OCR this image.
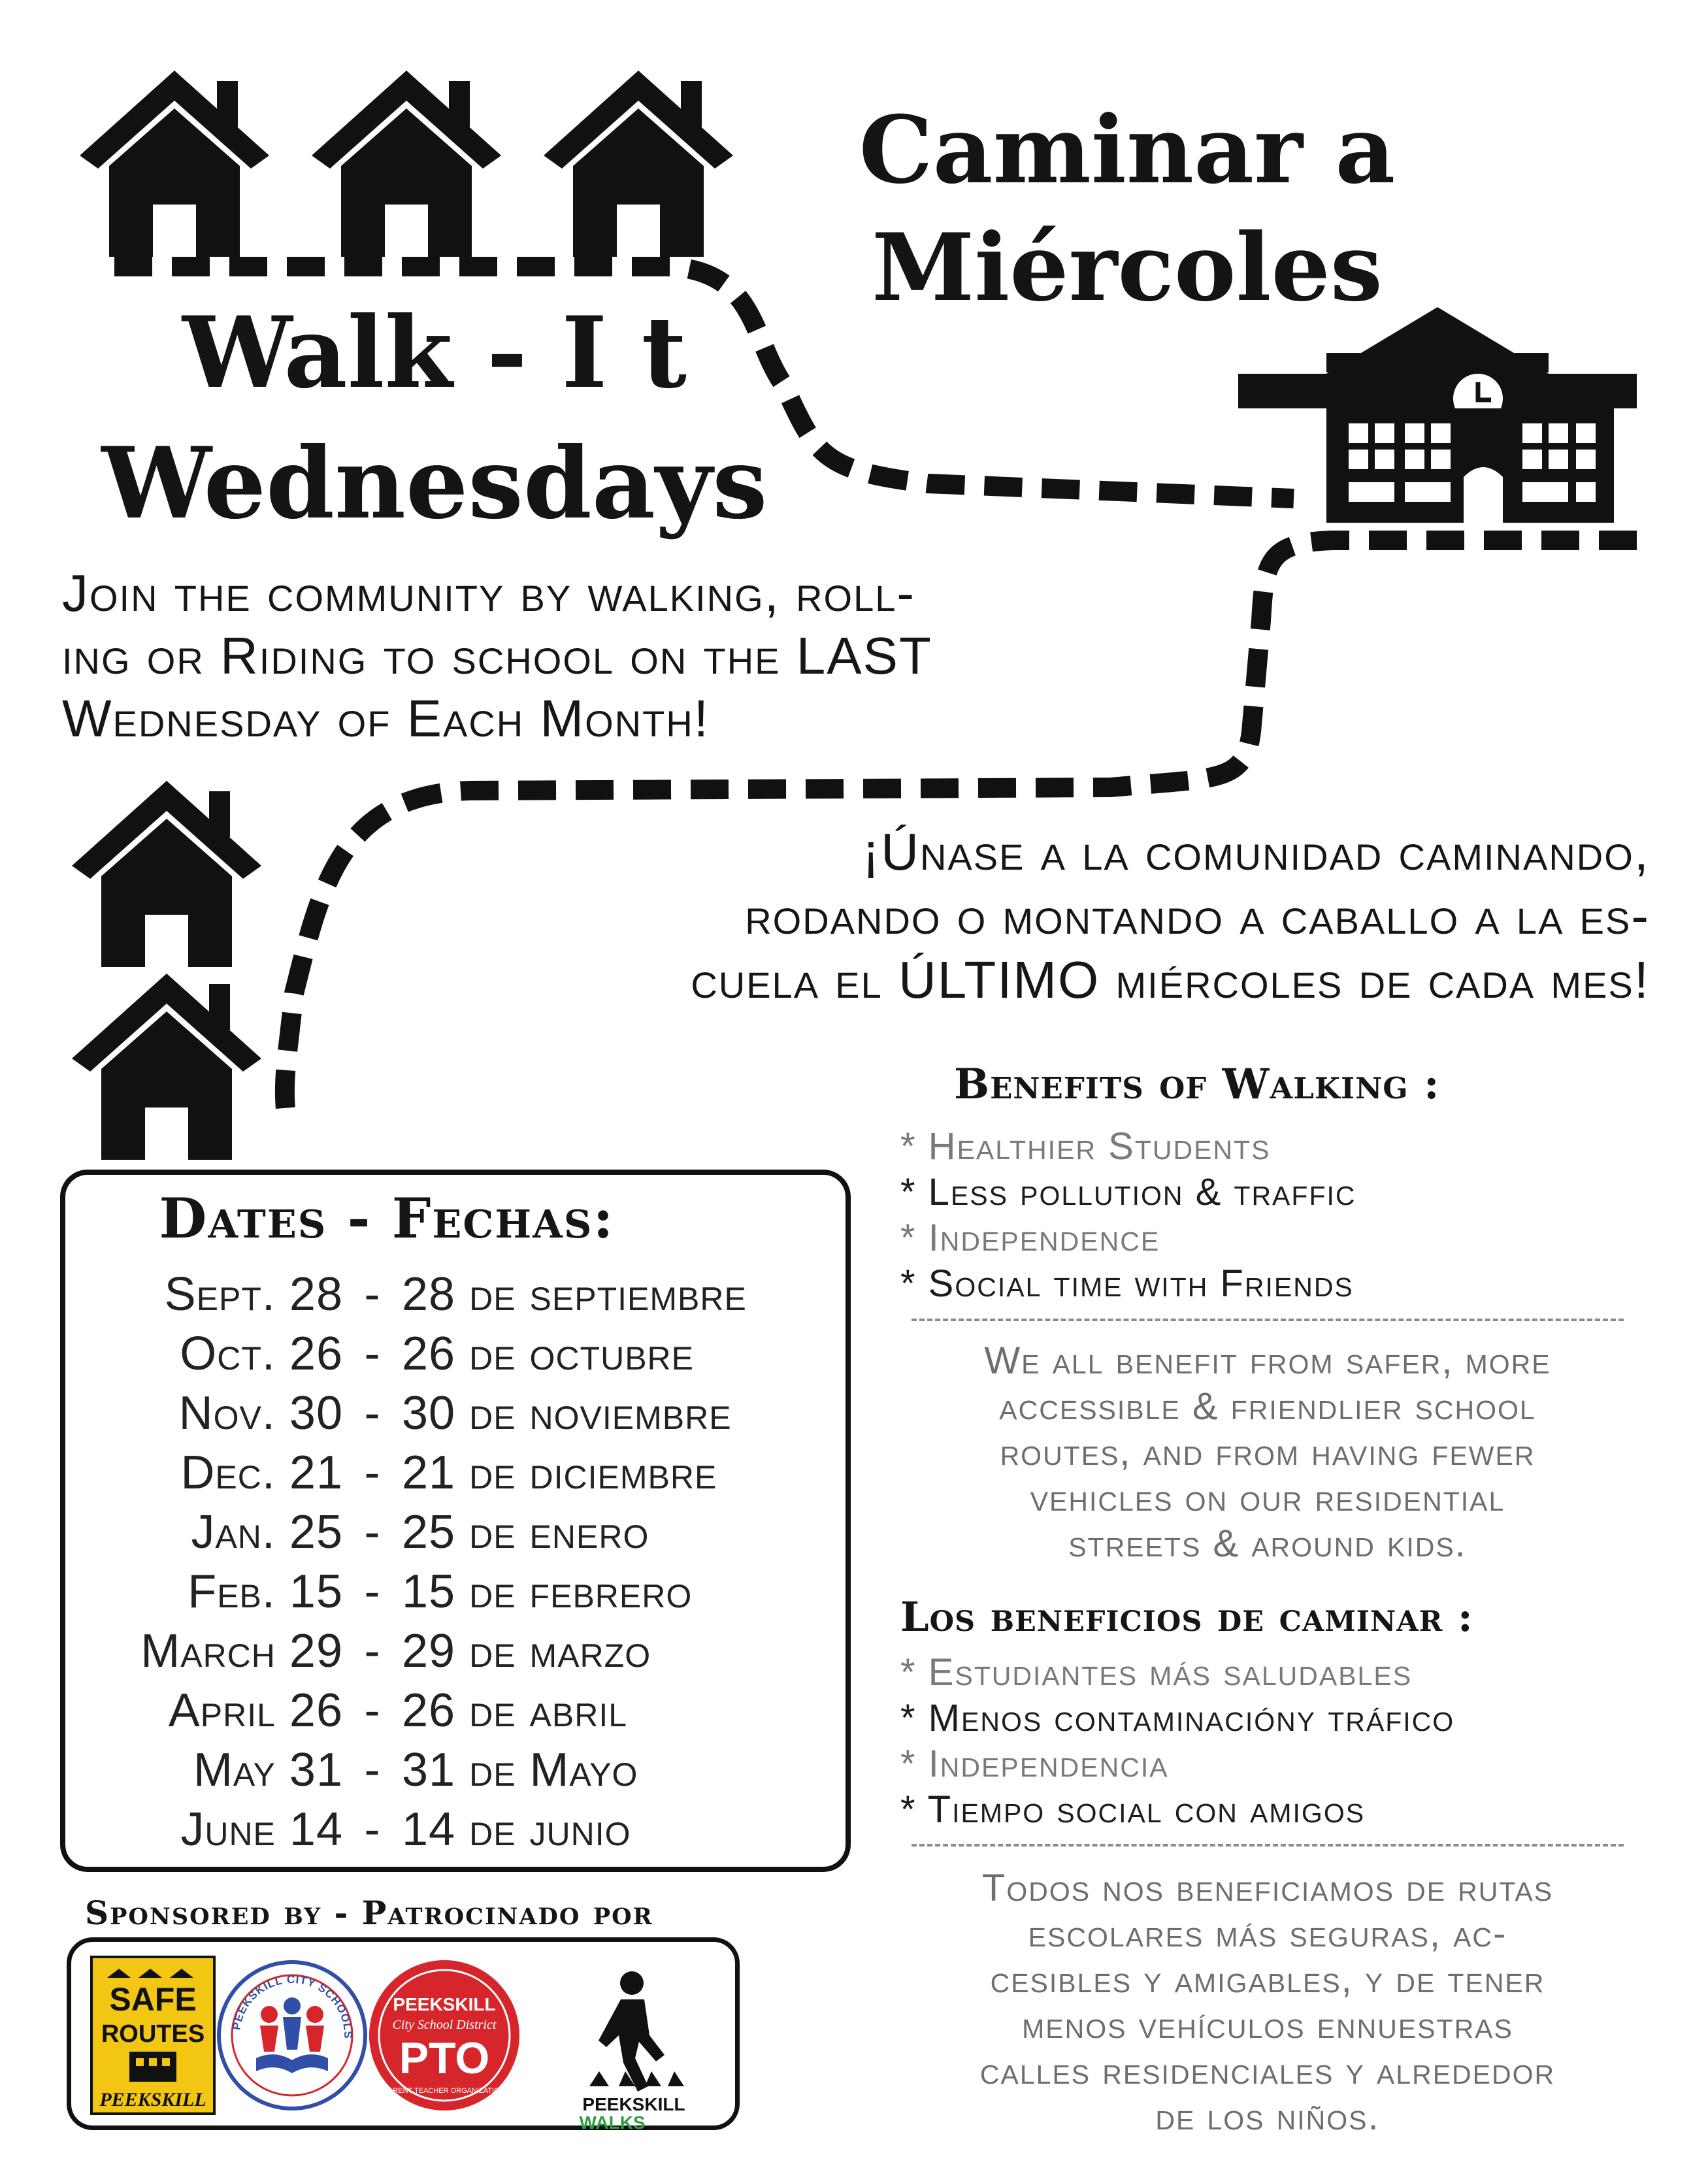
Caminar a
Miércoles
Walk - I t
Wednesdays
Join the community by walking, roll-
ing or Riding to school on the LAST
Wednesday of Each Month!
¡Únase a la comunidad caminando,
rodando o montando a caballo a la es-
cuela el ÚLTIMO miércoles de cada mes!
Dates - Fechas:
Sept. 28 - 28 de septiembre
Oct. 26 - 26 de octubre
Nov. 30 - 30 de noviembre
Dec. 21 - 21 de diciembre
Jan. 25 - 25 de enero
Feb. 15 - 15 de febrero
March 29 - 29 de marzo
April 26 - 26 de abril
May 31 - 31 de Mayo
June 14 - 14 de junio
Sponsored by - Patrocinado por
SAFE
ROUTES
PEEKSKILL
PEEKSKILL CITY SCHOOLS
PEEKSKILL
City School District
PTO
PARENT TEACHER ORGANIZATION
PEEKSKILL
WALKS
Benefits of Walking :
* Healthier Students
* Less pollution & traffic
* Independence
* Social time with Friends
We all benefit from safer, more
accessible & friendlier school
routes, and from having fewer
vehicles on our residential
streets & around kids.
Los beneficios de caminar :
* Estudiantes más saludables
* Menos contaminacióny tráfico
* Independencia
* Tiempo social con amigos
Todos nos beneficiamos de rutas
escolares más seguras, ac-
cesibles y amigables, y de tener
menos vehículos ennuestras
calles residenciales y alrededor
de los niños.
